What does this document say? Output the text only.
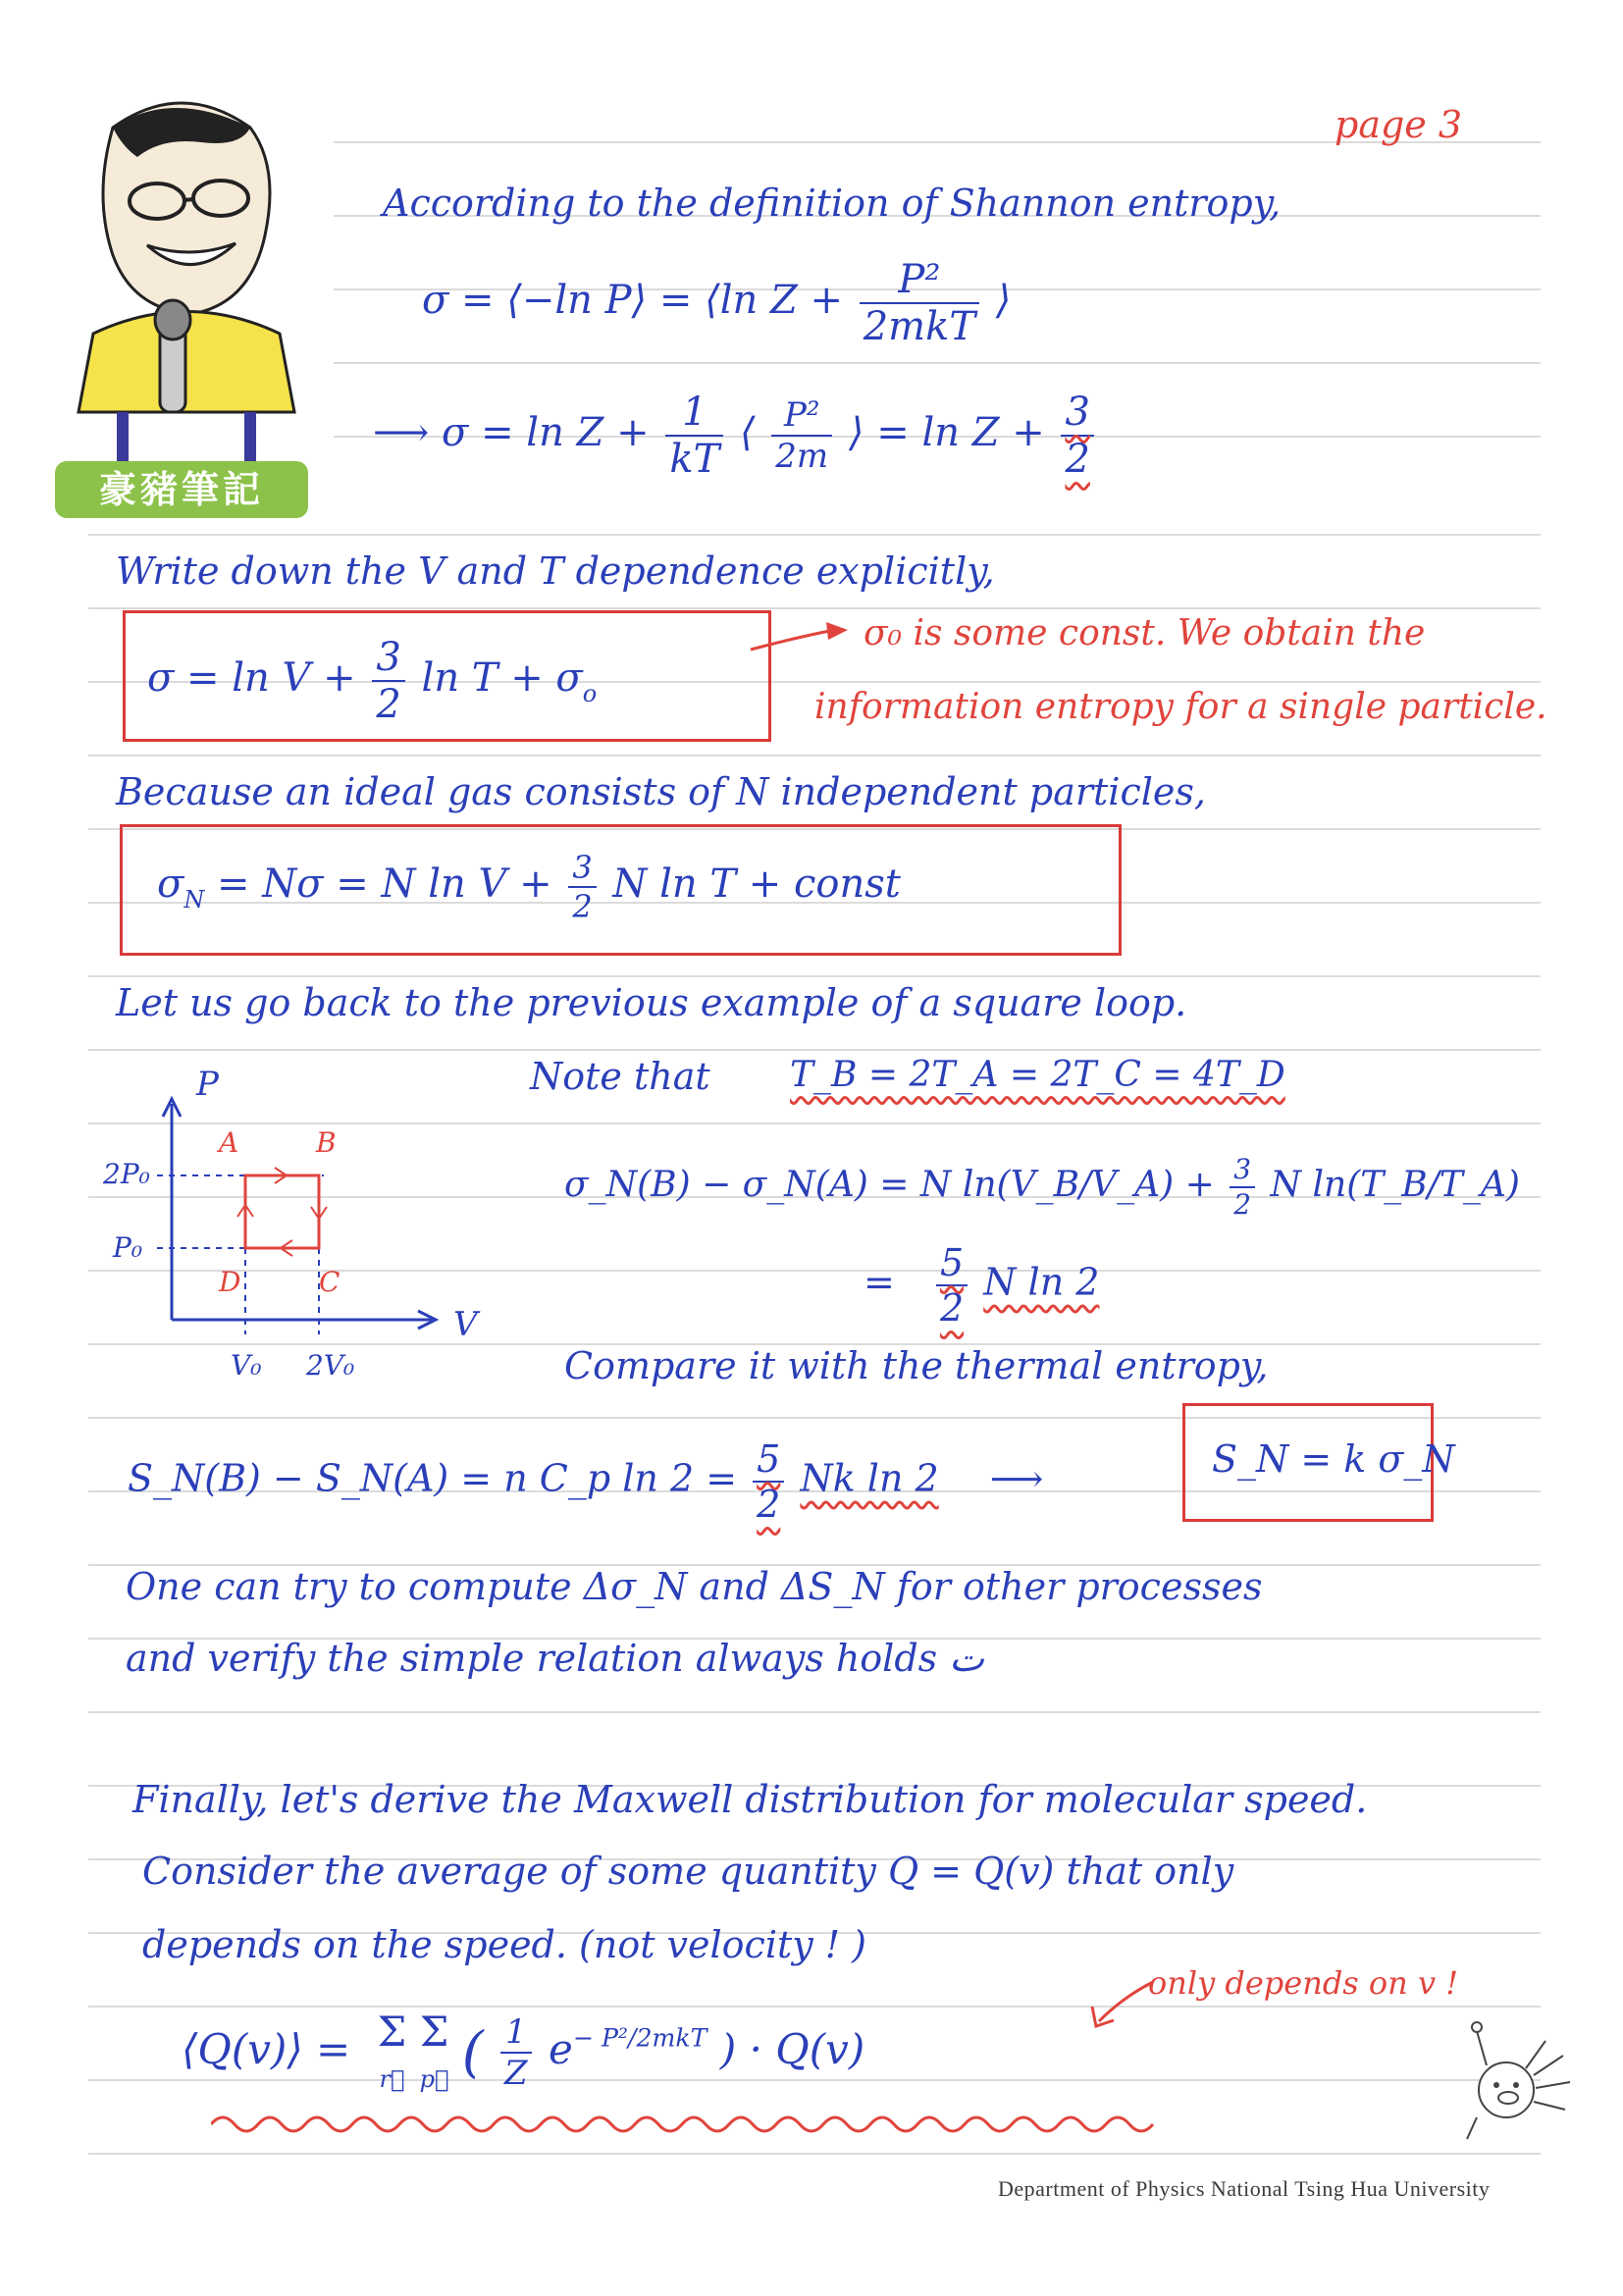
豪豬筆記
page 3
According to the definition of Shannon entropy,
σ = ⟨−ln P⟩ = ⟨ln $Z + \frac{\text{P²}}{\text{2mkT}}$ ⟩
⟶ $\sigma = \ln Z + \frac{1}{kT}$ ⟨ $\frac{\text{P²}}{2m}$ ⟩ = $\ln Z + \frac{3}{2}$
Write down the V and T dependence explicitly,
$\sigma = \ln V + \frac{3}{2}$ $\ln T + \sigma_o$
σ₀ is some const. We obtain the
information entropy for a single particle.
Because an ideal gas consists of N independent particles,
$\sigma_N = N\sigma = N$ $\ln V + \frac{3}{2}$ N ln T + const
Let us go back to the previous example of a square loop.
Note that T_B = 2T_A = 2T_C = 4T_D
P
V
2P₀
P₀
V₀ 2V₀
A	B
C
D
σ_N(B) − σ_N(A) = N ln(V_B/V_A) + $\frac{3}{2}$ N ln(T_B/T_A)
= $\frac{5}{2}$ N ln 2
Compare it with the thermal entropy,
S_N(B) − S_N(A) = n C_p $\ln 2 = \frac{5}{2}$ Nk ln 2 ⟶	S_N = k σ_N
One can try to compute Δσ_N and ΔS_N for other processes
and verify the simple relation always holds ت
Finally, let's derive the Maxwell distribution for molecular speed.
Consider the average of some quantity Q = Q(v) that only
depends on the speed. (not velocity ! )
only depends on v !
⟨Q(v)⟩ = Σ
r⃗ Σ
p⃗ ( $\frac{1}{Z} e^{- P^2/2mkT}$ ) · Q(v)
Department of Physics National Tsing Hua University
